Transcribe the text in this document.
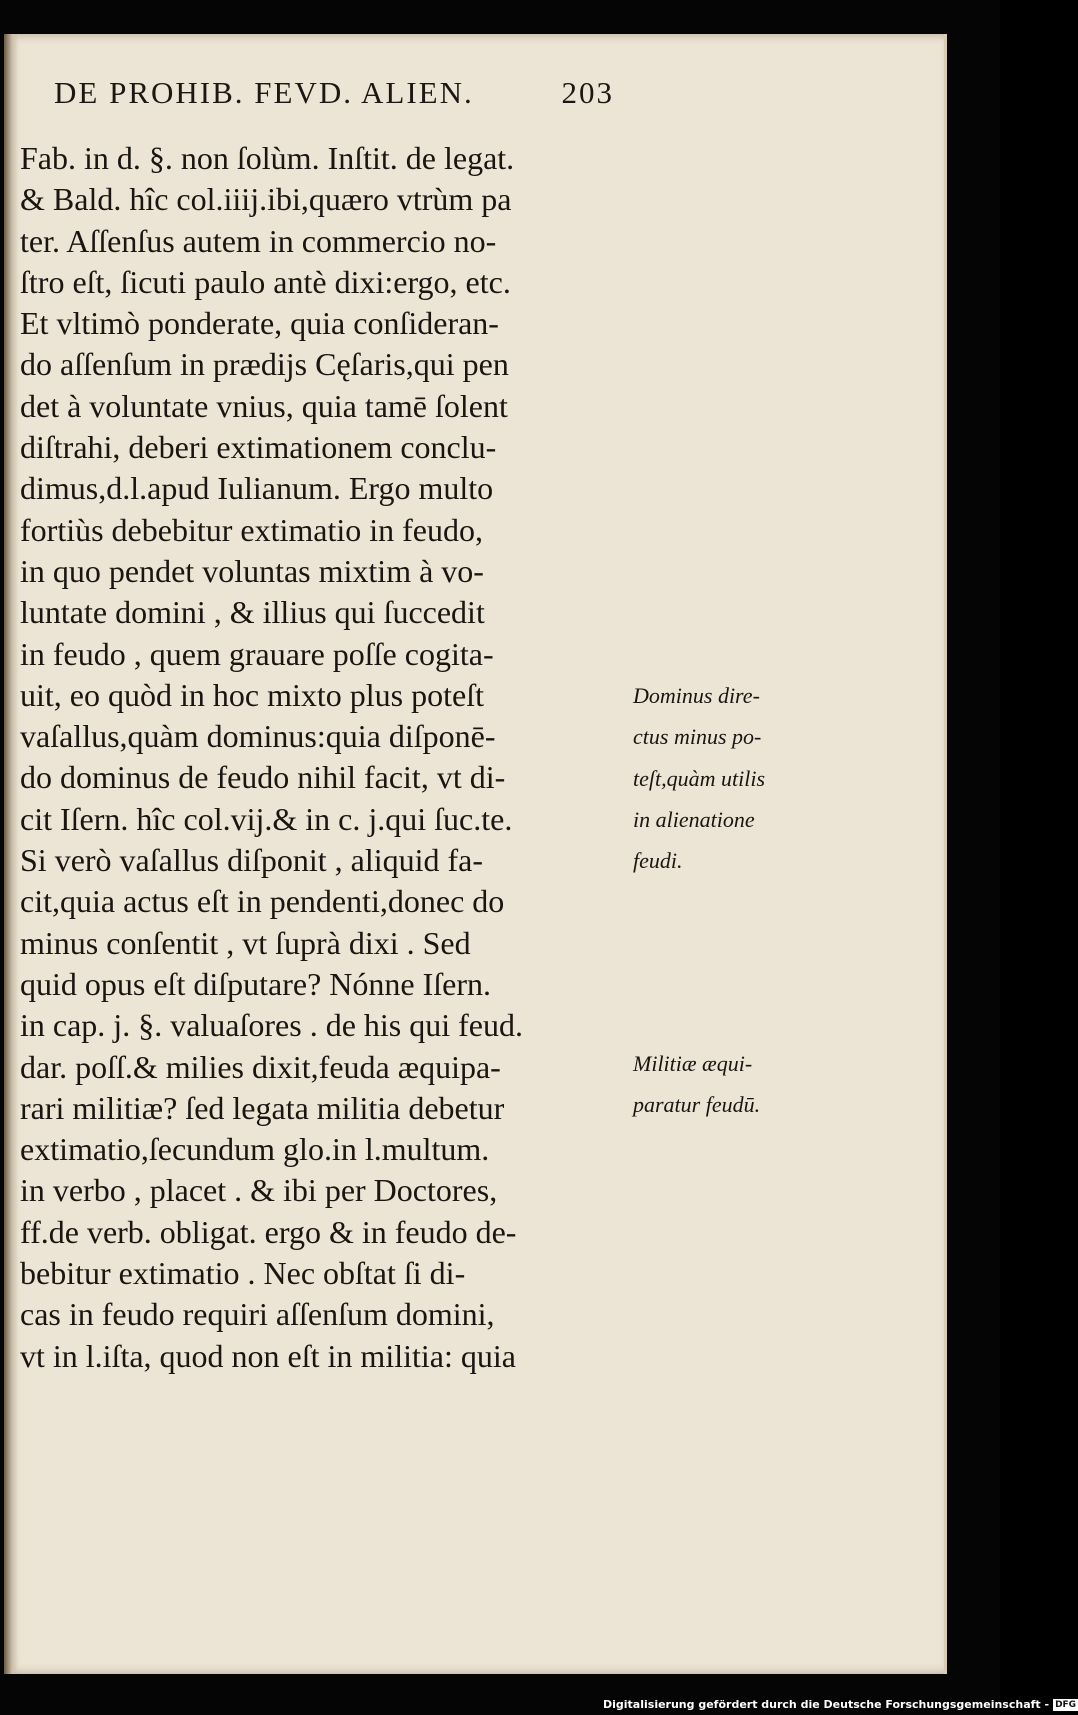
DE PROHIB. FEVD. ALIEN.	203
Fab. in d. §. non ſolùm. Inſtit. de legat.
& Bald. hîc col.iiij.ibi,quæro vtrùm pa
ter. Aſſenſus autem in commercio no-
ſtro eſt, ſicuti paulo antè dixi:ergo, etc.
Et vltimò ponderate, quia conſideran-
do aſſenſum in prædijs Cęſaris,qui pen
det à voluntate vnius, quia tamē ſolent
diſtrahi, deberi extimationem conclu-
dimus,d.l.apud Iulianum. Ergo multo
fortiùs debebitur extimatio in feudo,
in quo pendet voluntas mixtim à vo-
luntate domini , & illius qui ſuccedit
in feudo , quem grauare poſſe cogita-
uit, eo quòd in hoc mixto plus poteſt
vaſallus,quàm dominus:quia diſponē-
do dominus de feudo nihil facit, vt di-
cit Iſern. hîc col.vij.& in c. j.qui ſuc.te.
Si verò vaſallus diſponit , aliquid fa-
cit,quia actus eſt in pendenti,donec do
minus conſentit , vt ſuprà dixi . Sed
quid opus eſt diſputare? Nónne Iſern.
in cap. j. §. valuaſores . de his qui feud.
dar. poſſ.& milies dixit,feuda æquipa-
rari militiæ? ſed legata militia debetur
extimatio,ſecundum glo.in l.multum.
in verbo , placet . & ibi per Doctores,
ff.de verb. obligat. ergo & in feudo de-
bebitur extimatio . Nec obſtat ſi di-
cas in feudo requiri aſſenſum domini,
vt in l.iſta, quod non eſt in militia: quia
Dominus dire-
ctus minus po-
teſt,quàm utilis
in alienatione
feudi.
Militiæ æqui-
paratur feudū.
Digitalisierung gefördert durch die Deutsche Forschungsgemeinschaft - DFG
